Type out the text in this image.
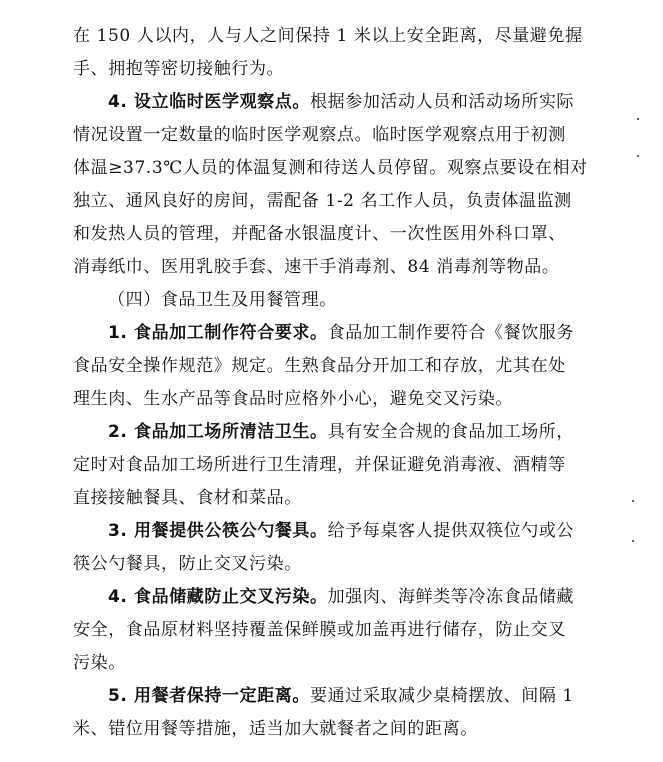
在 150 人以内，人与人之间保持 1 米以上安全距离，尽量避免握
手、拥抱等密切接触行为。
4. 设立临时医学观察点。根据参加活动人员和活动场所实际
情况设置一定数量的临时医学观察点。临时医学观察点用于初测
体温≥37.3℃人员的体温复测和待送人员停留。观察点要设在相对
独立、通风良好的房间，需配备 1-2 名工作人员，负责体温监测
和发热人员的管理，并配备水银温度计、一次性医用外科口罩、
消毒纸巾、医用乳胶手套、速干手消毒剂、84 消毒剂等物品。
（四）食品卫生及用餐管理。
1. 食品加工制作符合要求。食品加工制作要符合《餐饮服务
食品安全操作规范》规定。生熟食品分开加工和存放，尤其在处
理生肉、生水产品等食品时应格外小心，避免交叉污染。
2. 食品加工场所清洁卫生。具有安全合规的食品加工场所，
定时对食品加工场所进行卫生清理，并保证避免消毒液、酒精等
直接接触餐具、食材和菜品。
3. 用餐提供公筷公勺餐具。给予每桌客人提供双筷位勺或公
筷公勺餐具，防止交叉污染。
4. 食品储藏防止交叉污染。加强肉、海鲜类等冷冻食品储藏
安全，食品原材料坚持覆盖保鲜膜或加盖再进行储存，防止交叉
污染。
5. 用餐者保持一定距离。要通过采取减少桌椅摆放、间隔 1
米、错位用餐等措施，适当加大就餐者之间的距离。
